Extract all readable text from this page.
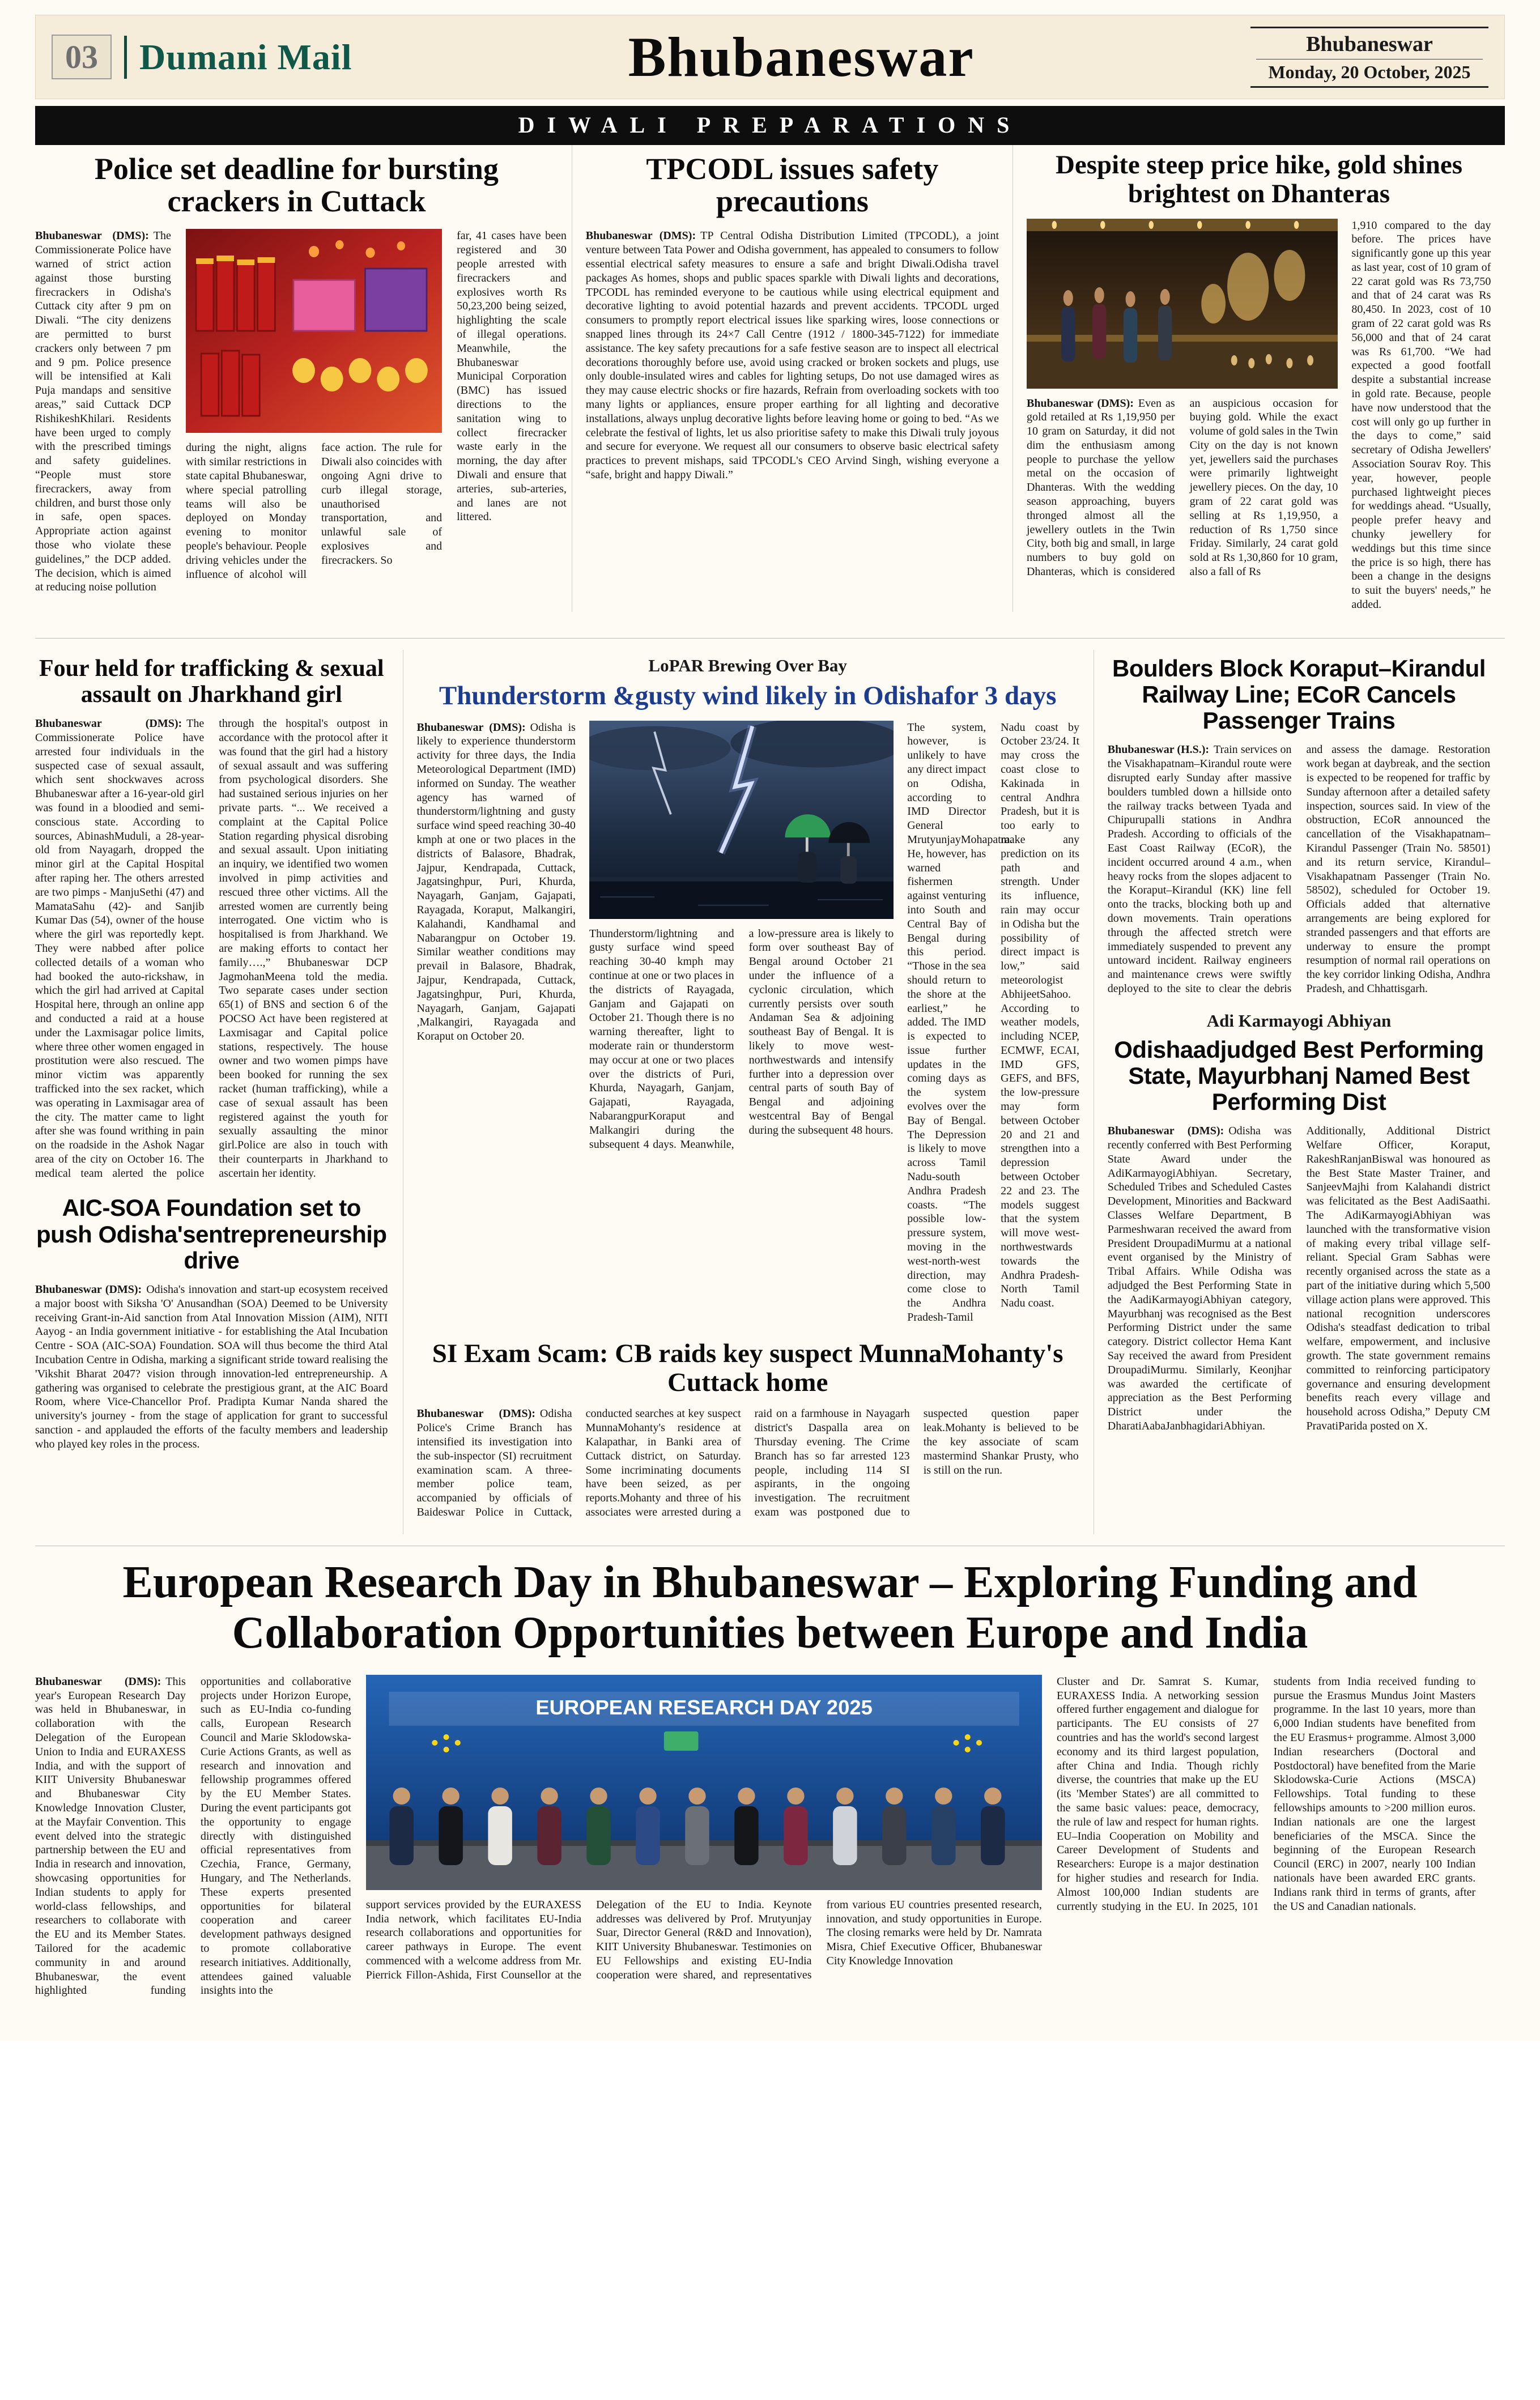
03	Dumani Mail	Bhubaneswar	Bhubaneswar
Monday, 20 October, 2025
DIWALI PREPARATIONS
Police set deadline for bursting crackers in Cuttack
Bhubaneswar (DMS): The Commissionerate Police have warned of strict action against those bursting firecrackers in Odisha's Cuttack city after 9 pm on Diwali. “The city denizens are permitted to burst crackers only between 7 pm and 9 pm. Police presence will be intensified at Kali Puja mandaps and sensitive areas,” said Cuttack DCP RishikeshKhilari. Residents have been urged to comply with the prescribed timings and safety guidelines. “People must store firecrackers, away from children, and burst those only in safe, open spaces. Appropriate action against those who violate these guidelines,” the DCP added. The decision, which is aimed at reducing noise pollution
during the night, aligns with similar restrictions in state capital Bhubaneswar, where special patrolling teams will also be deployed on Monday evening to monitor people's behaviour. People driving vehicles under the influence of alcohol will face action. The rule for Diwali also coincides with ongoing Agni drive to curb illegal storage, unauthorised transportation, and unlawful sale of explosives and firecrackers. So
far, 41 cases have been registered and 30 people arrested with firecrackers and explosives worth Rs 50,23,200 being seized, highlighting the scale of illegal operations. Meanwhile, the Bhubaneswar Municipal Corporation (BMC) has issued directions to the sanitation wing to collect firecracker waste early in the morning, the day after Diwali and ensure that arteries, sub-arteries, and lanes are not littered.
TPCODL issues safety precautions
Bhubaneswar (DMS): TP Central Odisha Distribution Limited (TPCODL), a joint venture between Tata Power and Odisha government, has appealed to consumers to follow essential electrical safety measures to ensure a safe and bright Diwali.Odisha travel packages As homes, shops and public spaces sparkle with Diwali lights and decorations, TPCODL has reminded everyone to be cautious while using electrical equipment and decorative lighting to avoid potential hazards and prevent accidents. TPCODL urged consumers to promptly report electrical issues like sparking wires, loose connections or snapped lines through its 24×7 Call Centre (1912 / 1800-345-7122) for immediate assistance. The key safety precautions for a safe festive season are to inspect all electrical decorations thoroughly before use, avoid using cracked or broken sockets and plugs, use only double-insulated wires and cables for lighting setups, Do not use damaged wires as they may cause electric shocks or fire hazards, Refrain from overloading sockets with too many lights or appliances, ensure proper earthing for all lighting and decorative installations, always unplug decorative lights before leaving home or going to bed. “As we celebrate the festival of lights, let us also prioritise safety to make this Diwali truly joyous and secure for everyone. We request all our consumers to observe basic electrical safety practices to prevent mishaps, said TPCODL's CEO Arvind Singh, wishing everyone a “safe, bright and happy Diwali.”
Despite steep price hike, gold shines brightest on Dhanteras
Bhubaneswar (DMS): Even as gold retailed at Rs 1,19,950 per 10 gram on Saturday, it did not dim the enthusiasm among people to purchase the yellow metal on the occasion of Dhanteras. With the wedding season approaching, buyers thronged almost all the jewellery outlets in the Twin City, both big and small, in large numbers to buy gold on Dhanteras, which is considered an auspicious occasion for buying gold. While the exact volume of gold sales in the Twin City on the day is not known yet, jewellers said the purchases were primarily lightweight jewellery pieces. On the day, 10 gram of 22 carat gold was selling at Rs 1,19,950, a reduction of Rs 1,750 since Friday. Similarly, 24 carat gold sold at Rs 1,30,860 for 10 gram, also a fall of Rs
1,910 compared to the day before. The prices have significantly gone up this year as last year, cost of 10 gram of 22 carat gold was Rs 73,750 and that of 24 carat was Rs 80,450. In 2023, cost of 10 gram of 22 carat gold was Rs 56,000 and that of 24 carat was Rs 61,700. “We had expected a good footfall despite a substantial increase in gold rate. Because, people have now understood that the cost will only go up further in the days to come,” said secretary of Odisha Jewellers' Association Sourav Roy. This year, however, people purchased lightweight pieces for weddings ahead. “Usually, people prefer heavy and chunky jewellery for weddings but this time since the price is so high, there has been a change in the designs to suit the buyers' needs,” he added.
Four held for trafficking & sexual assault on Jharkhand girl
Bhubaneswar (DMS): The Commissionerate Police have arrested four individuals in the suspected case of sexual assault, which sent shockwaves across Bhubaneswar after a 16-year-old girl was found in a bloodied and semi-conscious state. According to sources, AbinashMuduli, a 28-year-old from Nayagarh, dropped the minor girl at the Capital Hospital after raping her. The others arrested are two pimps - ManjuSethi (47) and MamataSahu (42)- and Sanjib Kumar Das (54), owner of the house where the girl was reportedly kept. They were nabbed after police collected details of a woman who had booked the auto-rickshaw, in which the girl had arrived at Capital Hospital here, through an online app and conducted a raid at a house under the Laxmisagar police limits, where three other women engaged in prostitution were also rescued. The minor victim was apparently trafficked into the sex racket, which was operating in Laxmisagar area of the city. The matter came to light after she was found writhing in pain on the roadside in the Ashok Nagar area of the city on October 16. The medical team alerted the police through the hospital's outpost in accordance with the protocol after it was found that the girl had a history of sexual assault and was suffering from psychological disorders. She had sustained serious injuries on her private parts. “... We received a complaint at the Capital Police Station regarding physical disrobing and sexual assault. Upon initiating an inquiry, we identified two women involved in pimp activities and rescued three other victims. All the arrested women are currently being interrogated. One victim who is hospitalised is from Jharkhand. We are making efforts to contact her family….,” Bhubaneswar DCP JagmohanMeena told the media. Two separate cases under section 65(1) of BNS and section 6 of the POCSO Act have been registered at Laxmisagar and Capital police stations, respectively. The house owner and two women pimps have been booked for running the sex racket (human trafficking), while a case of sexual assault has been registered against the youth for sexually assaulting the minor girl.Police are also in touch with their counterparts in Jharkhand to ascertain her identity.
AIC-SOA Foundation set to push Odisha'sentrepreneurship drive
Bhubaneswar (DMS): Odisha's innovation and start-up ecosystem received a major boost with Siksha 'O' Anusandhan (SOA) Deemed to be University receiving Grant-in-Aid sanction from Atal Innovation Mission (AIM), NITI Aayog - an India government initiative - for establishing the Atal Incubation Centre - SOA (AIC-SOA) Foundation. SOA will thus become the third Atal Incubation Centre in Odisha, marking a significant stride toward realising the 'Vikshit Bharat 2047? vision through innovation-led entrepreneurship. A gathering was organised to celebrate the prestigious grant, at the AIC Board Room, where Vice-Chancellor Prof. Pradipta Kumar Nanda shared the university's journey - from the stage of application for grant to successful sanction - and applauded the efforts of the faculty members and leadership who played key roles in the process.
LoPAR Brewing Over Bay
Thunderstorm &gusty wind likely in Odishafor 3 days
Bhubaneswar (DMS): Odisha is likely to experience thunderstorm activity for three days, the India Meteorological Department (IMD) informed on Sunday. The weather agency has warned of thunderstorm/lightning and gusty surface wind speed reaching 30-40 kmph at one or two places in the districts of Balasore, Bhadrak, Jajpur, Kendrapada, Cuttack, Jagatsinghpur, Puri, Khurda, Nayagarh, Ganjam, Gajapati, Rayagada, Koraput, Malkangiri, Kalahandi, Kandhamal and Nabarangpur on October 19. Similar weather conditions may prevail in Balasore, Bhadrak, Jajpur, Kendrapada, Cuttack, Jagatsinghpur, Puri, Khurda, Nayagarh, Ganjam, Gajapati ,Malkangiri, Rayagada and Koraput on October 20.
Thunderstorm/lightning and gusty surface wind speed reaching 30-40 kmph may continue at one or two places in the districts of Rayagada, Ganjam and Gajapati on October 21. Though there is no warning thereafter, light to moderate rain or thunderstorm may occur at one or two places over the districts of Puri, Khurda, Nayagarh, Ganjam, Gajapati, Rayagada, NabarangpurKoraput and Malkangiri during the subsequent 4 days. Meanwhile, a low-pressure area is likely to form over southeast Bay of Bengal around October 21 under the influence of a cyclonic circulation, which currently persists over south Andaman Sea & adjoining southeast Bay of Bengal. It is likely to move west-northwestwards and intensify further into a depression over central parts of south Bay of Bengal and adjoining westcentral Bay of Bengal during the subsequent 48 hours.
The system, however, is unlikely to have any direct impact on Odisha, according to IMD Director General MrutyunjayMohapatra. He, however, has warned fishermen against venturing into South and Central Bay of Bengal during this period. “Those in the sea should return to the shore at the earliest,” he added. The IMD is expected to issue further updates in the coming days as the system evolves over the Bay of Bengal. The Depression is likely to move across Tamil Nadu-south Andhra Pradesh coasts. “The possible low-pressure system, moving in the west-north-west direction, may come close to the Andhra Pradesh-Tamil Nadu coast by October 23/24. It may cross the coast close to Kakinada in central Andhra Pradesh, but it is too early to make any prediction on its path and strength. Under its influence, rain may occur in Odisha but the possibility of direct impact is low,” said meteorologist AbhijeetSahoo. According to weather models, including NCEP, ECMWF, ECAI, IMD GFS, GEFS, and BFS, the low-pressure may form between October 20 and 21 and strengthen into a depression between October 22 and 23. The models suggest that the system will move west-northwestwards towards the Andhra Pradesh-North Tamil Nadu coast.
SI Exam Scam: CB raids key suspect MunnaMohanty's Cuttack home
Bhubaneswar (DMS): Odisha Police's Crime Branch has intensified its investigation into the sub-inspector (SI) recruitment examination scam. A three-member police team, accompanied by officials of Baideswar Police in Cuttack, conducted searches at key suspect MunnaMohanty's residence at Kalapathar, in Banki area of Cuttack district, on Saturday. Some incriminating documents have been seized, as per reports.Mohanty and three of his associates were arrested during a raid on a farmhouse in Nayagarh district's Daspalla area on Thursday evening. The Crime Branch has so far arrested 123 people, including 114 SI aspirants, in the ongoing investigation. The recruitment exam was postponed due to suspected question paper leak.Mohanty is believed to be the key associate of scam mastermind Shankar Prusty, who is still on the run.
Boulders Block Koraput–Kirandul Railway Line; ECoR Cancels Passenger Trains
Bhubaneswar (H.S.): Train services on the Visakhapatnam–Kirandul route were disrupted early Sunday after massive boulders tumbled down a hillside onto the railway tracks between Tyada and Chipurupalli stations in Andhra Pradesh. According to officials of the East Coast Railway (ECoR), the incident occurred around 4 a.m., when heavy rocks from the slopes adjacent to the Koraput–Kirandul (KK) line fell onto the tracks, blocking both up and down movements. Train operations through the affected stretch were immediately suspended to prevent any untoward incident. Railway engineers and maintenance crews were swiftly deployed to the site to clear the debris and assess the damage. Restoration work began at daybreak, and the section is expected to be reopened for traffic by Sunday afternoon after a detailed safety inspection, sources said. In view of the obstruction, ECoR announced the cancellation of the Visakhapatnam–Kirandul Passenger (Train No. 58501) and its return service, Kirandul–Visakhapatnam Passenger (Train No. 58502), scheduled for October 19. Officials added that alternative arrangements are being explored for stranded passengers and that efforts are underway to ensure the prompt resumption of normal rail operations on the key corridor linking Odisha, Andhra Pradesh, and Chhattisgarh.
Adi Karmayogi Abhiyan
Odishaadjudged Best Performing State, Mayurbhanj Named Best Performing Dist
Bhubaneswar (DMS): Odisha was recently conferred with Best Performing State Award under the AdiKarmayogiAbhiyan. Secretary, Scheduled Tribes and Scheduled Castes Development, Minorities and Backward Classes Welfare Department, B Parmeshwaran received the award from President DroupadiMurmu at a national event organised by the Ministry of Tribal Affairs. While Odisha was adjudged the Best Performing State in the AadiKarmayogiAbhiyan category, Mayurbhanj was recognised as the Best Performing District under the same category. District collector Hema Kant Say received the award from President DroupadiMurmu. Similarly, Keonjhar was awarded the certificate of appreciation as the Best Performing District under the DharatiAabaJanbhagidariAbhiyan. Additionally, Additional District Welfare Officer, Koraput, RakeshRanjanBiswal was honoured as the Best State Master Trainer, and SanjeevMajhi from Kalahandi district was felicitated as the Best AadiSaathi. The AdiKarmayogiAbhiyan was launched with the transformative vision of making every tribal village self-reliant. Special Gram Sabhas were recently organised across the state as a part of the initiative during which 5,500 village action plans were approved. This national recognition underscores Odisha's steadfast dedication to tribal welfare, empowerment, and inclusive growth. The state government remains committed to reinforcing participatory governance and ensuring development benefits reach every village and household across Odisha,” Deputy CM PravatiParida posted on X.
European Research Day in Bhubaneswar – Exploring Funding and Collaboration Opportunities between Europe and India
Bhubaneswar (DMS): This year's European Research Day was held in Bhubaneswar, in collaboration with the Delegation of the European Union to India and EURAXESS India, and with the support of KIIT University Bhubaneswar and Bhubaneswar City Knowledge Innovation Cluster, at the Mayfair Convention. This event delved into the strategic partnership between the EU and India in research and innovation, showcasing opportunities for Indian students to apply for world-class fellowships, and researchers to collaborate with the EU and its Member States. Tailored for the academic community in and around Bhubaneswar, the event highlighted funding opportunities and collaborative projects under Horizon Europe, such as EU-India co-funding calls, European Research Council and Marie Sklodowska-Curie Actions Grants, as well as research and innovation and fellowship programmes offered by the EU Member States. During the event participants got the opportunity to engage directly with distinguished official representatives from Czechia, France, Germany, Hungary, and The Netherlands. These experts presented opportunities for bilateral cooperation and career development pathways designed to promote collaborative research initiatives. Additionally, attendees gained valuable insights into the
EUROPEAN RESEARCH DAY 2025
support services provided by the EURAXESS India network, which facilitates EU-India research collaborations and opportunities for career pathways in Europe. The event commenced with a welcome address from Mr. Pierrick Fillon-Ashida, First Counsellor at the Delegation of the EU to India. Keynote addresses was delivered by Prof. Mrutyunjay Suar, Director General (R&D and Innovation), KIIT University Bhubaneswar. Testimonies on EU Fellowships and existing EU-India cooperation were shared, and representatives from various EU countries presented research, innovation, and study opportunities in Europe. The closing remarks were held by Dr. Namrata Misra, Chief Executive Officer, Bhubaneswar City Knowledge Innovation
Cluster and Dr. Samrat S. Kumar, EURAXESS India. A networking session offered further engagement and dialogue for participants. The EU consists of 27 countries and has the world's second largest economy and its third largest population, after China and India. Though richly diverse, the countries that make up the EU (its 'Member States') are all committed to the same basic values: peace, democracy, the rule of law and respect for human rights. EU–India Cooperation on Mobility and Career Development of Students and Researchers: Europe is a major destination for higher studies and research for India. Almost 100,000 Indian students are currently studying in the EU. In 2025, 101 students from India received funding to pursue the Erasmus Mundus Joint Masters programme. In the last 10 years, more than 6,000 Indian students have benefited from the EU Erasmus+ programme. Almost 3,000 Indian researchers (Doctoral and Postdoctoral) have benefited from the Marie Sklodowska-Curie Actions (MSCA) Fellowships. Total funding to these fellowships amounts to >200 million euros. Indian nationals are one the largest beneficiaries of the MSCA. Since the beginning of the European Research Council (ERC) in 2007, nearly 100 Indian nationals have been awarded ERC grants. Indians rank third in terms of grants, after the US and Canadian nationals.
